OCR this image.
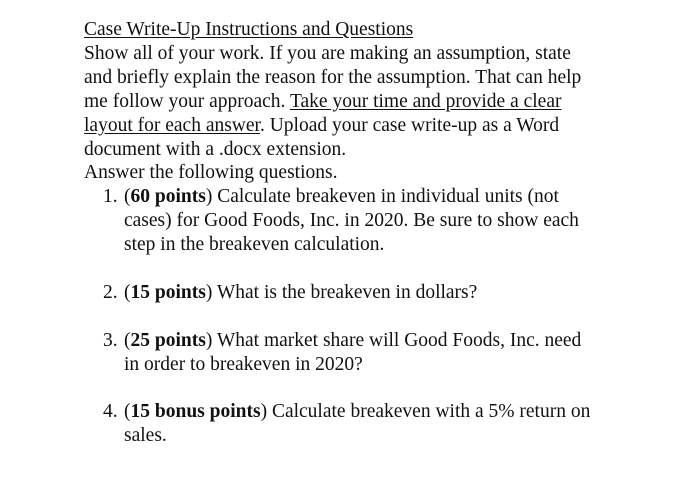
Case Write-Up Instructions and Questions
Show all of your work. If you are making an assumption, state
and briefly explain the reason for the assumption. That can help
me follow your approach. Take your time and provide a clear
layout for each answer. Upload your case write-up as a Word
document with a .docx extension.
Answer the following questions.
1. (60 points) Calculate breakeven in individual units (not
cases) for Good Foods, Inc. in 2020. Be sure to show each
step in the breakeven calculation.
2. (15 points) What is the breakeven in dollars?
3. (25 points) What market share will Good Foods, Inc. need
in order to breakeven in 2020?
4. (15 bonus points) Calculate breakeven with a 5% return on
sales.
